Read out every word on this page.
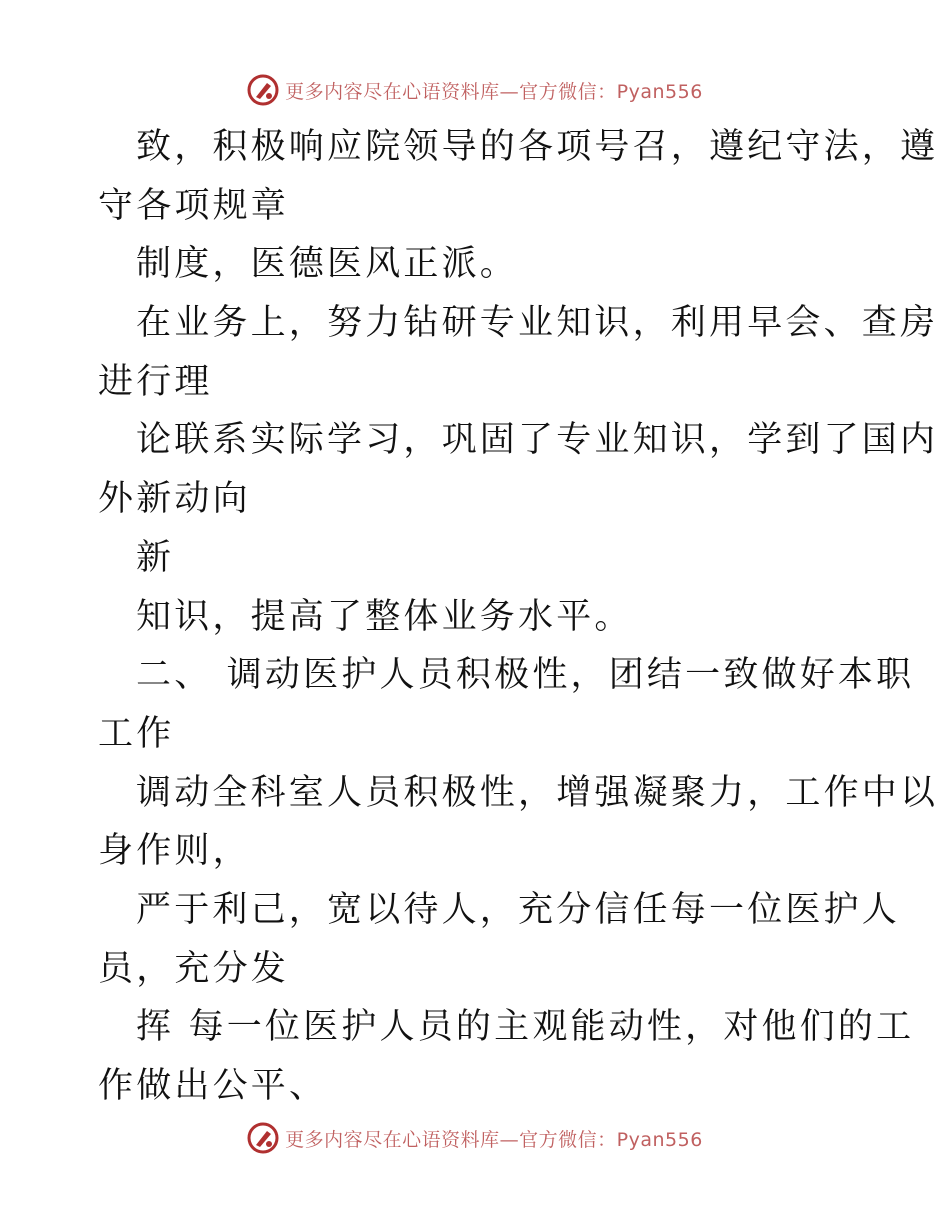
更多内容尽在心语资料库—官方微信：Pyan556
致，积极响应院领导的各项号召，遵纪守法，遵
守各项规章
制度，医德医风正派。
在业务上，努力钻研专业知识，利用早会、查房
进行理
论联系实际学习，巩固了专业知识，学到了国内
外新动向
新
知识，提高了整体业务水平。
二、 调动医护人员积极性，团结一致做好本职
工作
调动全科室人员积极性，增强凝聚力，工作中以
身作则，
严于利己，宽以待人，充分信任每一位医护人
员，充分发
挥 每一位医护人员的主观能动性，对他们的工
作做出公平、
更多内容尽在心语资料库—官方微信：Pyan556
